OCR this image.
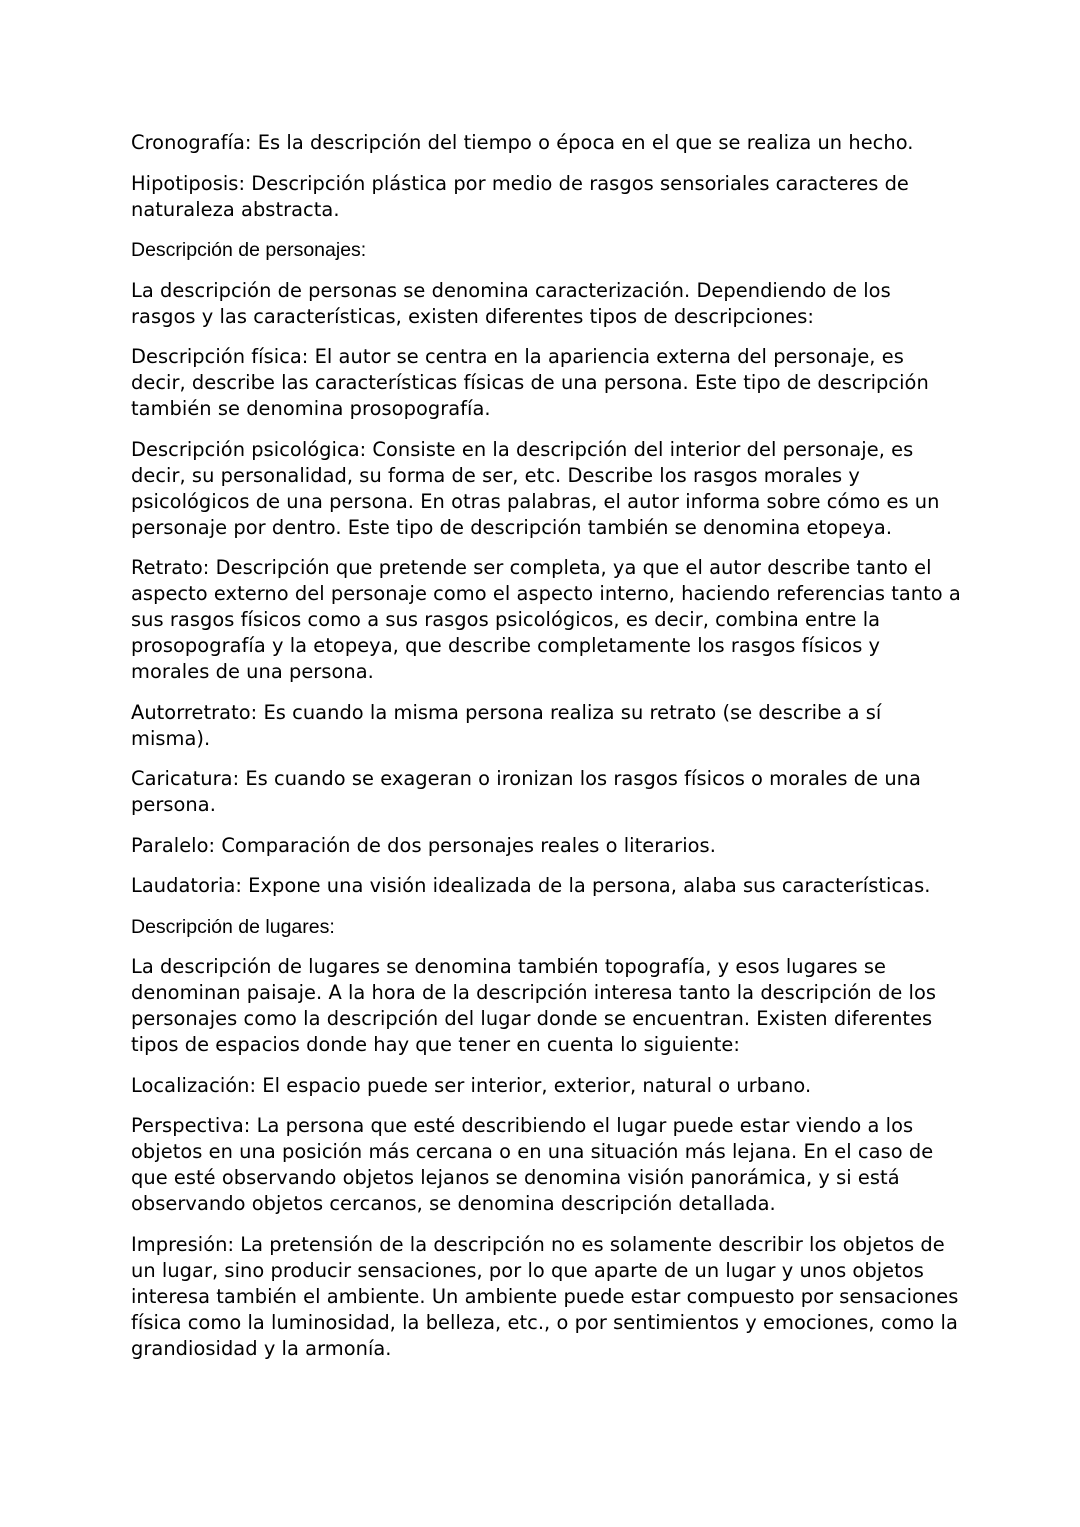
Cronografía: Es la descripción del tiempo o época en el que se realiza un hecho.

Hipotiposis: Descripción plástica por medio de rasgos sensoriales caracteres de naturaleza abstracta.

Descripción de personajes:

La descripción de personas se denomina caracterización. Dependiendo de los rasgos y las características, existen diferentes tipos de descripciones:

Descripción física: El autor se centra en la apariencia externa del personaje, es decir, describe las características físicas de una persona. Este tipo de descripción también se denomina prosopografía.

Descripción psicológica: Consiste en la descripción del interior del personaje, es decir, su personalidad, su forma de ser, etc. Describe los rasgos morales y psicológicos de una persona. En otras palabras, el autor informa sobre cómo es un personaje por dentro. Este tipo de descripción también se denomina etopeya.

Retrato: Descripción que pretende ser completa, ya que el autor describe tanto el aspecto externo del personaje como el aspecto interno, haciendo referencias tanto a sus rasgos físicos como a sus rasgos psicológicos, es decir, combina entre la prosopografía y la etopeya, que describe completamente los rasgos físicos y morales de una persona.

Autorretrato: Es cuando la misma persona realiza su retrato (se describe a sí misma).

Caricatura: Es cuando se exageran o ironizan los rasgos físicos o morales de una persona.

Paralelo: Comparación de dos personajes reales o literarios.

Laudatoria: Expone una visión idealizada de la persona, alaba sus características.

Descripción de lugares:

La descripción de lugares se denomina también topografía, y esos lugares se denominan paisaje. A la hora de la descripción interesa tanto la descripción de los personajes como la descripción del lugar donde se encuentran. Existen diferentes tipos de espacios donde hay que tener en cuenta lo siguiente:

Localización: El espacio puede ser interior, exterior, natural o urbano.

Perspectiva: La persona que esté describiendo el lugar puede estar viendo a los objetos en una posición más cercana o en una situación más lejana. En el caso de que esté observando objetos lejanos se denomina visión panorámica, y si está observando objetos cercanos, se denomina descripción detallada.

Impresión: La pretensión de la descripción no es solamente describir los objetos de un lugar, sino producir sensaciones, por lo que aparte de un lugar y unos objetos interesa también el ambiente. Un ambiente puede estar compuesto por sensaciones física como la luminosidad, la belleza, etc., o por sentimientos y emociones, como la grandiosidad y la armonía.
